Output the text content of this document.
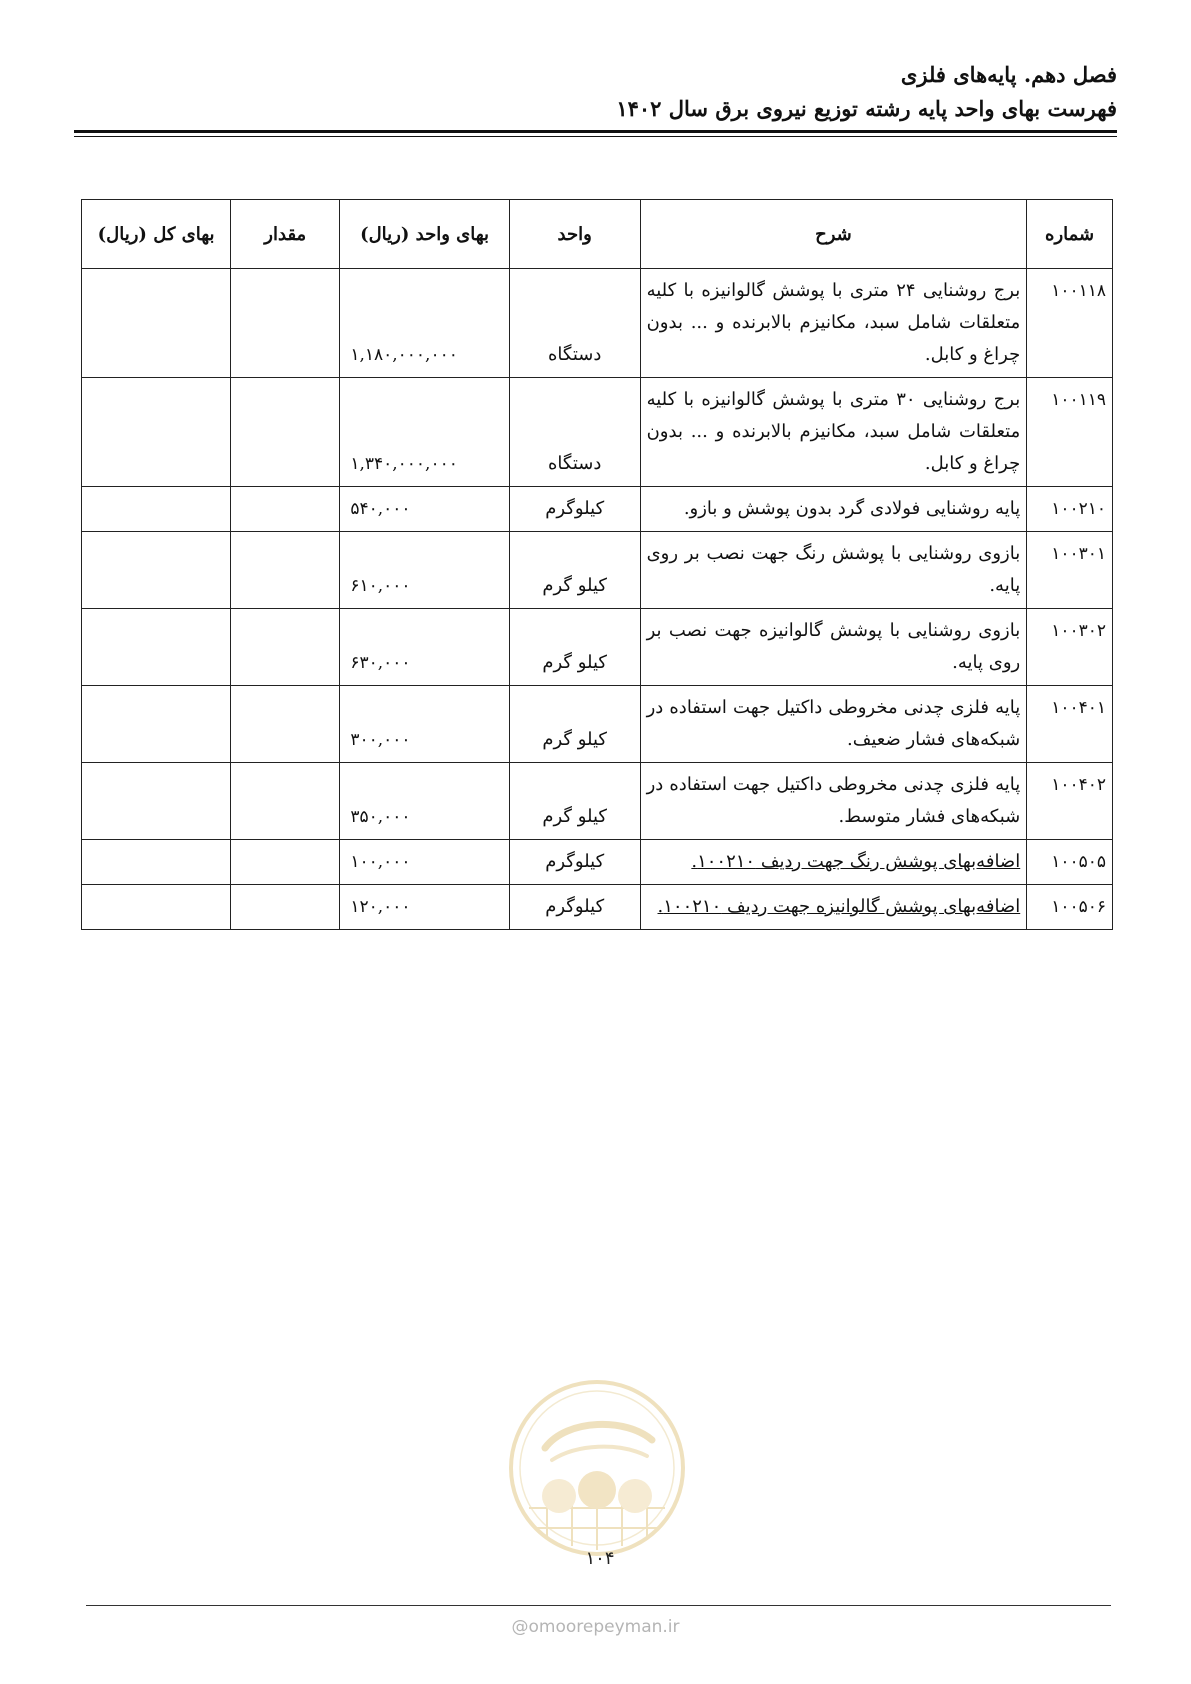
فصل دهم. پایه‌های فلزی
فهرست بهای واحد پایه رشته توزیع نیروی برق سال ۱۴۰۲
شماره	شرح	واحد	بهای واحد (ریال)	مقدار	بهای کل (ریال)
۱۰۰۱۱۸	برج روشنایی ۲۴ متری با پوشش گالوانیزه با کلیه متعلقات شامل سبد، مکانیزم بالابرنده و ... بدون چراغ و کابل.	دستگاه	۱,۱۸۰,۰۰۰,۰۰۰		
۱۰۰۱۱۹	برج روشنایی ۳۰ متری با پوشش گالوانیزه با کلیه متعلقات شامل سبد، مکانیزم بالابرنده و ... بدون چراغ و کابل.	دستگاه	۱,۳۴۰,۰۰۰,۰۰۰		
۱۰۰۲۱۰	پایه روشنایی فولادی گرد بدون پوشش و بازو.	کیلوگرم	۵۴۰,۰۰۰		
۱۰۰۳۰۱	بازوی روشنایی با پوشش رنگ جهت نصب بر روی پایه.	کیلو گرم	۶۱۰,۰۰۰		
۱۰۰۳۰۲	بازوی روشنایی با پوشش گالوانیزه جهت نصب بر روی پایه.	کیلو گرم	۶۳۰,۰۰۰		
۱۰۰۴۰۱	پایه فلزی چدنی مخروطی داکتیل جهت استفاده در شبکه‌های فشار ضعیف.	کیلو گرم	۳۰۰,۰۰۰		
۱۰۰۴۰۲	پایه فلزی چدنی مخروطی داکتیل جهت استفاده در شبکه‌های فشار متوسط.	کیلو گرم	۳۵۰,۰۰۰		
۱۰۰۵۰۵	اضافه‌بهای پوشش رنگ جهت ردیف ۱۰۰۲۱۰.	کیلوگرم	۱۰۰,۰۰۰		
۱۰۰۵۰۶	اضافه‌بهای پوشش گالوانیزه جهت ردیف ۱۰۰۲۱۰.	کیلوگرم	۱۲۰,۰۰۰		
۱۰۴
@omoorepeyman.ir
